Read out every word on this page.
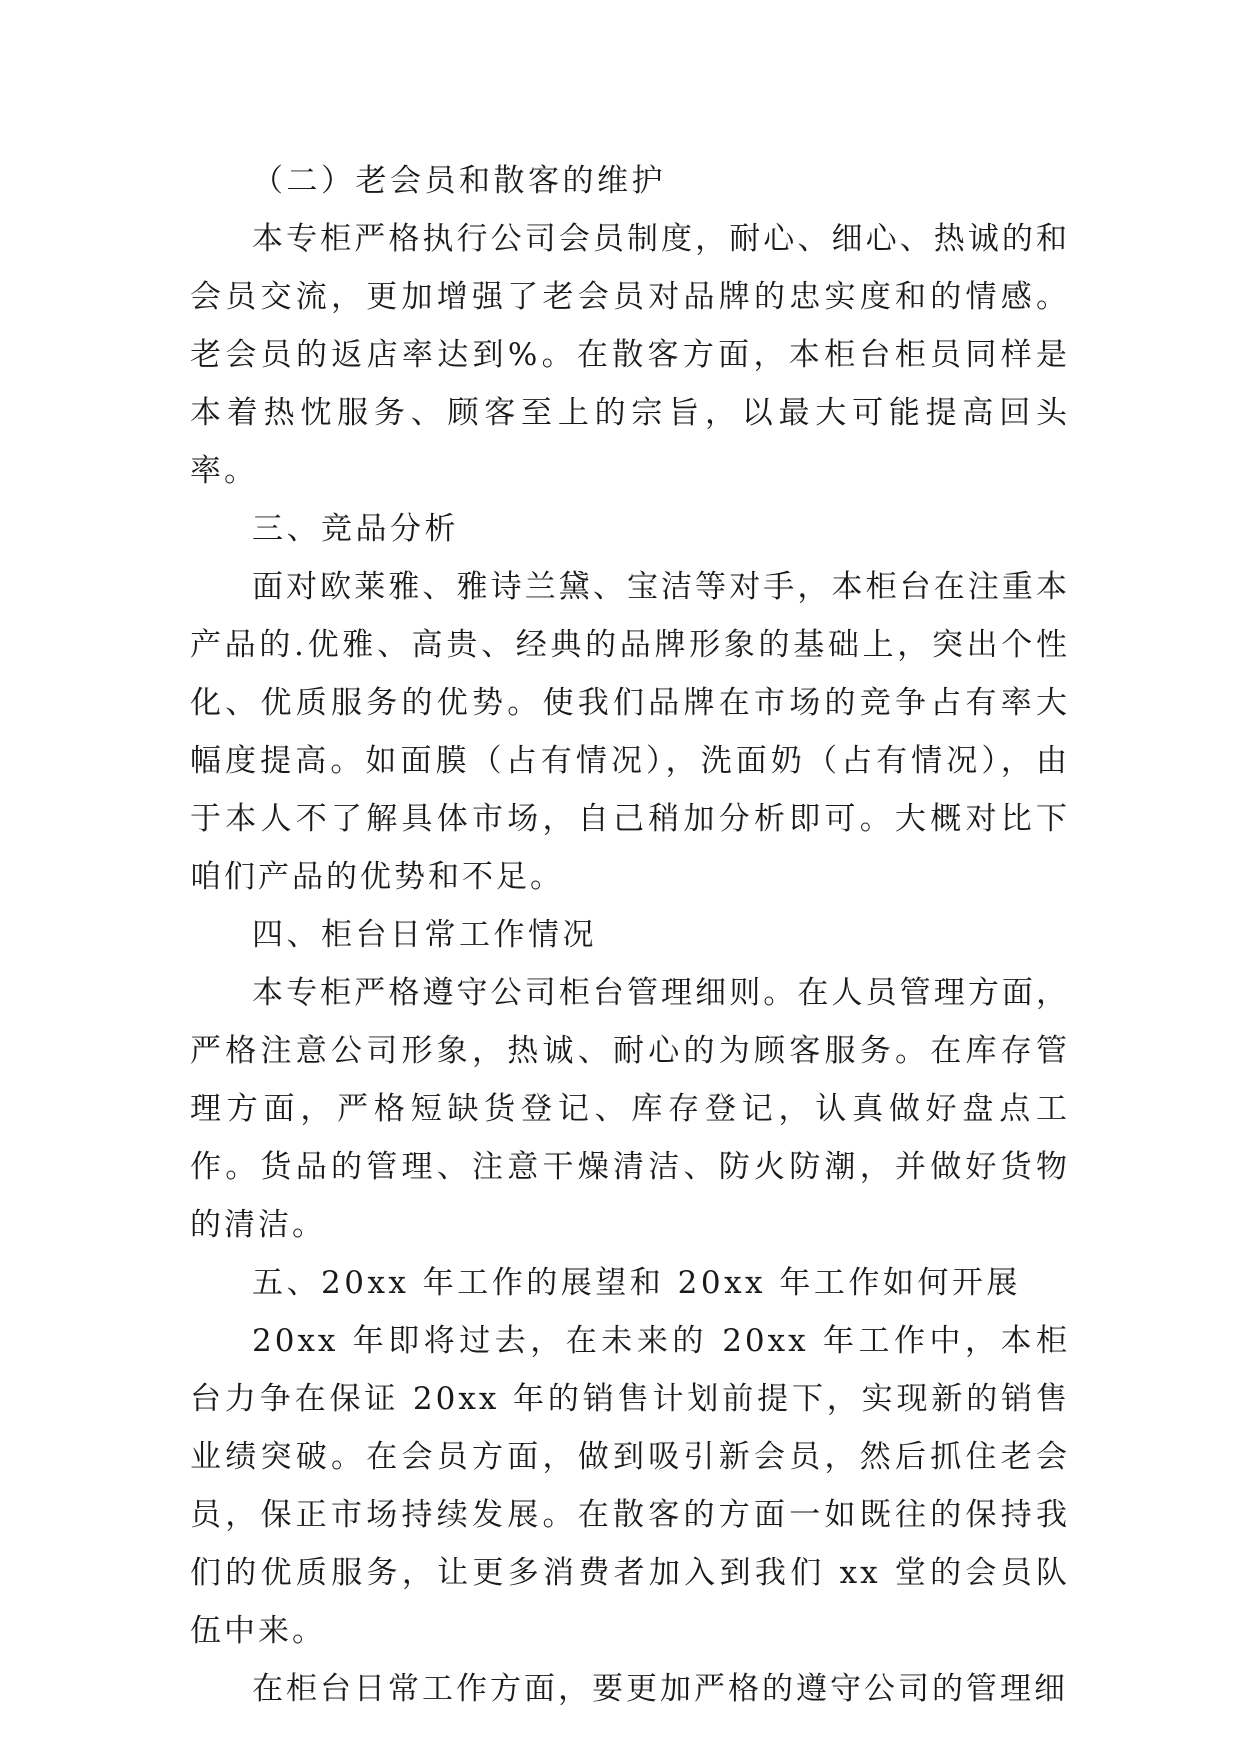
（二）老会员和散客的维护

本专柜严格执行公司会员制度，耐心、细心、热诚的和会员交流，更加增强了老会员对品牌的忠实度和的情感。老会员的返店率达到%。在散客方面，本柜台柜员同样是本着热忱服务、顾客至上的宗旨，以最大可能提高回头率。

三、竞品分析

面对欧莱雅、雅诗兰黛、宝洁等对手，本柜台在注重本产品的.优雅、高贵、经典的品牌形象的基础上，突出个性化、优质服务的优势。使我们品牌在市场的竞争占有率大幅度提高。如面膜（占有情况），洗面奶（占有情况），由于本人不了解具体市场，自己稍加分析即可。大概对比下咱们产品的优势和不足。

四、柜台日常工作情况

本专柜严格遵守公司柜台管理细则。在人员管理方面，严格注意公司形象，热诚、耐心的为顾客服务。在库存管理方面，严格短缺货登记、库存登记，认真做好盘点工作。货品的管理、注意干燥清洁、防火防潮，并做好货物的清洁。

五、20xx 年工作的展望和 20xx 年工作如何开展

20xx 年即将过去，在未来的 20xx 年工作中，本柜台力争在保证 20xx 年的销售计划前提下，实现新的销售业绩突破。在会员方面，做到吸引新会员，然后抓住老会员，保正市场持续发展。在散客的方面一如既往的保持我们的优质服务，让更多消费者加入到我们 xx 堂的会员队伍中来。

在柜台日常工作方面，要更加严格的遵守公司的管理细
